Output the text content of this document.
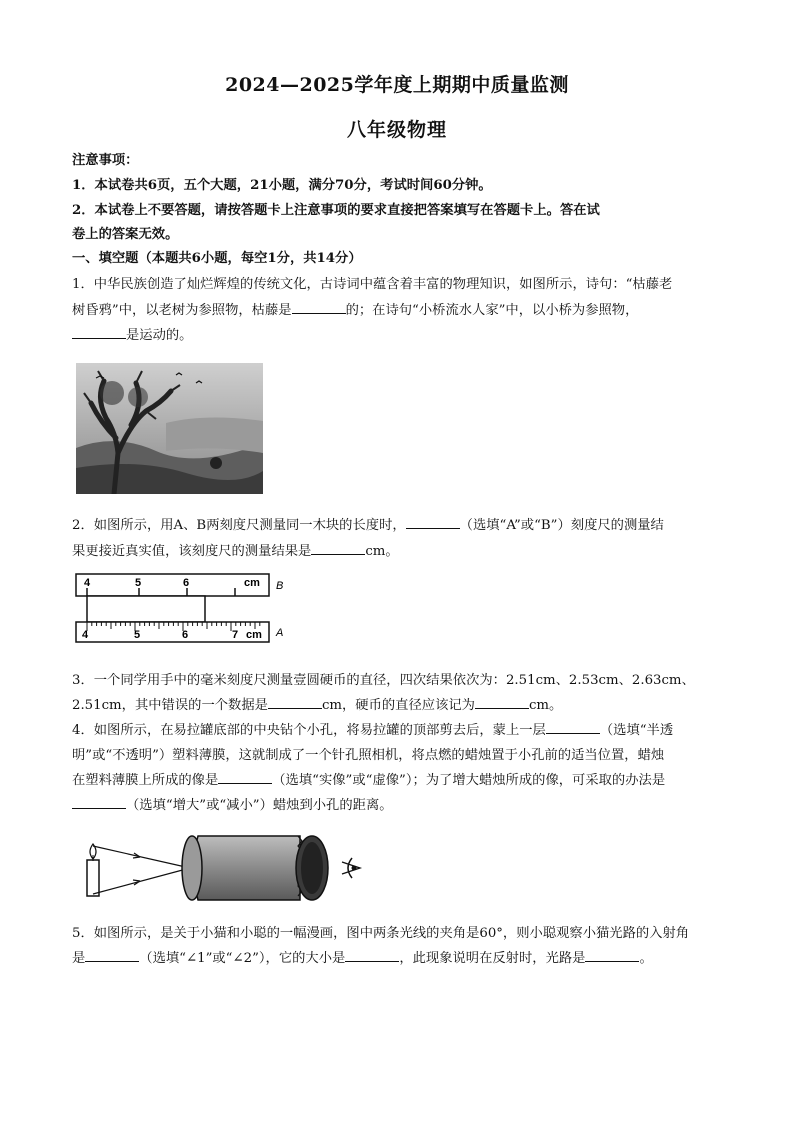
2024—2025学年度上期期中质量监测
八年级物理
注意事项：
1．本试卷共6页，五个大题，21小题，满分70分，考试时间60分钟。
2．本试卷上不要答题，请按答题卡上注意事项的要求直接把答案填写在答题卡上。答在试
卷上的答案无效。
一、填空题（本题共6小题，每空1分，共14分）
1．中华民族创造了灿烂辉煌的传统文化，古诗词中蕴含着丰富的物理知识，如图所示，诗句：“枯藤老
树昏鸦”中，以老树为参照物，枯藤是	的；在诗句“小桥流水人家”中，以小桥为参照物，
是运动的。
2．如图所示，用A、B两刻度尺测量同一木块的长度时，	（选填“A”或“B”）刻度尺的测量结
果更接近真实值，该刻度尺的测量结果是	cm。
4	5	6	cm B
4	5	6	7 cm A
3．一个同学用手中的毫米刻度尺测量壹圆硬币的直径，四次结果依次为：2.51cm、2.53cm、2.63cm、
2.51cm，其中错误的一个数据是	cm，硬币的直径应该记为	cm。
4．如图所示，在易拉罐底部的中央钻个小孔，将易拉罐的顶部剪去后，蒙上一层	（选填“半透
明”或“不透明”）塑料薄膜，这就制成了一个针孔照相机，将点燃的蜡烛置于小孔前的适当位置，蜡烛
在塑料薄膜上所成的像是	（选填“实像”或“虚像”）；为了增大蜡烛所成的像，可采取的办法是
（选填“增大”或“减小”）蜡烛到小孔的距离。
5．如图所示，是关于小猫和小聪的一幅漫画，图中两条光线的夹角是60°，则小聪观察小猫光路的入射角
是	（选填“∠1”或“∠2”），它的大小是	，此现象说明在反射时，光路是	。
